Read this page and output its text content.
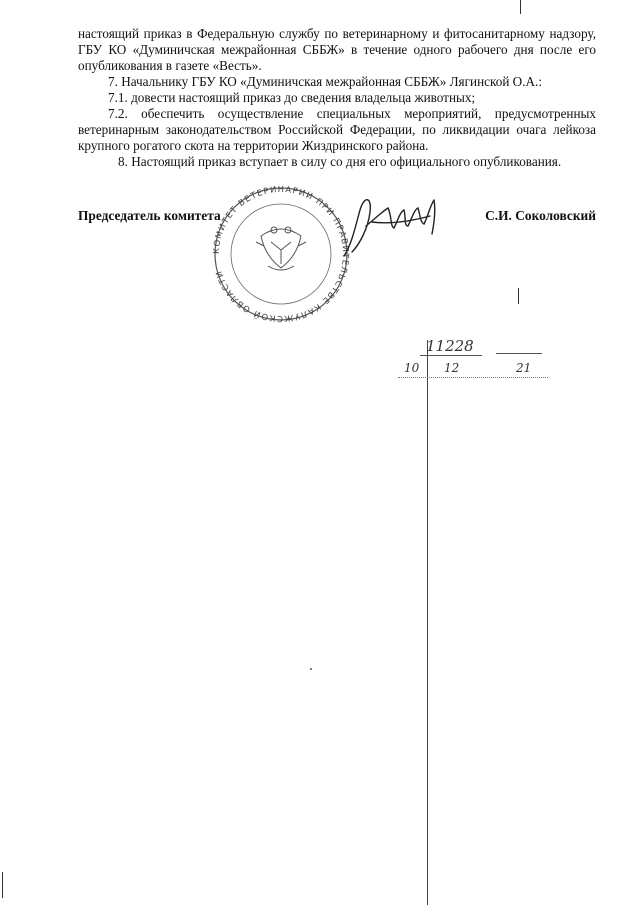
настоящий приказ в Федеральную службу по ветеринарному и фитосанитарному надзору, ГБУ КО «Думиничская межрайонная СББЖ» в течение одного рабочего дня после его опубликования в газете «Весть».

7. Начальнику ГБУ КО «Думиничская межрайонная СББЖ» Лягинской О.А.:

7.1. довести настоящий приказ до сведения владельца животных;

7.2. обеспечить осуществление специальных мероприятий, предусмотренных ветеринарным законодательством Российской Федерации, по ликвидации очага лейкоза крупного рогатого скота на территории Жиздринского района.

8. Настоящий приказ вступает в силу со дня его официального опубликования.

КОМИТЕТ ВЕТЕРИНАРИИ ПРИ ПРАВИТЕЛЬСТВЕ КАЛУЖСКОЙ ОБЛАСТИ
Председатель комитета	С.И. Соколовский
11228
10 12	21
